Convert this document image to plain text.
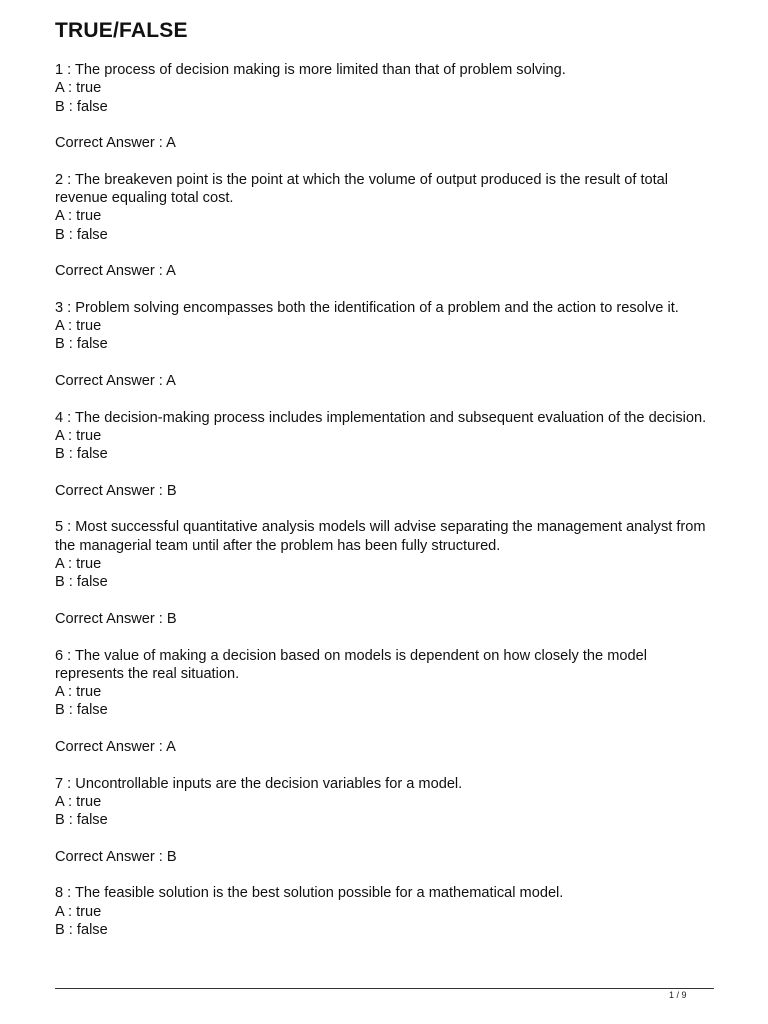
TRUE/FALSE
1 : The process of decision making is more limited than that of problem solving.
A : true
B : false
Correct Answer : A
2 : The breakeven point is the point at which the volume of output produced is the result of total revenue equaling total cost.
A : true
B : false
Correct Answer : A
3 : Problem solving encompasses both the identification of a problem and the action to resolve it.
A : true
B : false
Correct Answer : A
4 : The decision-making process includes implementation and subsequent evaluation of the decision.
A : true
B : false
Correct Answer : B
5 : Most successful quantitative analysis models will advise separating the management analyst from the managerial team until after the problem has been fully structured.
A : true
B : false
Correct Answer : B
6 : The value of making a decision based on models is dependent on how closely the model represents the real situation.
A : true
B : false
Correct Answer : A
7 : Uncontrollable inputs are the decision variables for a model.
A : true
B : false
Correct Answer : B
8 : The feasible solution is the best solution possible for a mathematical model.
A : true
B : false
1 / 9
